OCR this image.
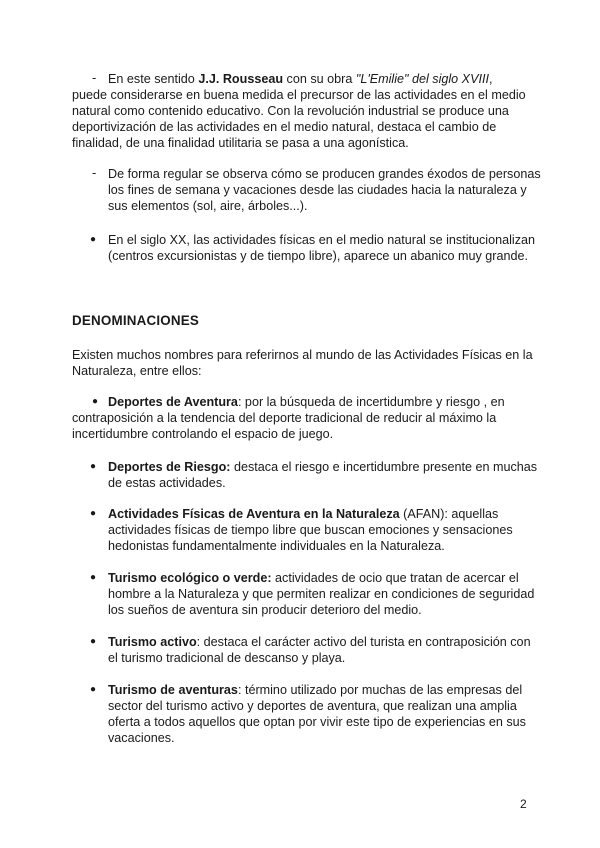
- En este sentido J.J. Rousseau con su obra "L'Emilie" del siglo XVIII,
puede considerarse en buena medida el precursor de las actividades en el medio
natural como contenido educativo. Con la revolución industrial se produce una
deportivización de las actividades en el medio natural, destaca el cambio de
finalidad, de una finalidad utilitaria se pasa a una agonística.
- De forma regular se observa cómo se producen grandes éxodos de personas
los fines de semana y vacaciones desde las ciudades hacia la naturaleza y
sus elementos (sol, aire, árboles...).
● En el siglo XX, las actividades físicas en el medio natural se institucionalizan
(centros excursionistas y de tiempo libre), aparece un abanico muy grande.
DENOMINACIONES
Existen muchos nombres para referirnos al mundo de las Actividades Físicas en la
Naturaleza, entre ellos:
● Deportes de Aventura: por la búsqueda de incertidumbre y riesgo , en
contraposición a la tendencia del deporte tradicional de reducir al máximo la
incertidumbre controlando el espacio de juego.
● Deportes de Riesgo: destaca el riesgo e incertidumbre presente en muchas
de estas actividades.
● Actividades Físicas de Aventura en la Naturaleza (AFAN): aquellas
actividades físicas de tiempo libre que buscan emociones y sensaciones
hedonistas fundamentalmente individuales en la Naturaleza.
● Turismo ecológico o verde: actividades de ocio que tratan de acercar el
hombre a la Naturaleza y que permiten realizar en condiciones de seguridad
los sueños de aventura sin producir deterioro del medio.
● Turismo activo: destaca el carácter activo del turista en contraposición con
el turismo tradicional de descanso y playa.
● Turismo de aventuras: término utilizado por muchas de las empresas del
sector del turismo activo y deportes de aventura, que realizan una amplia
oferta a todos aquellos que optan por vivir este tipo de experiencias en sus
vacaciones.
2
